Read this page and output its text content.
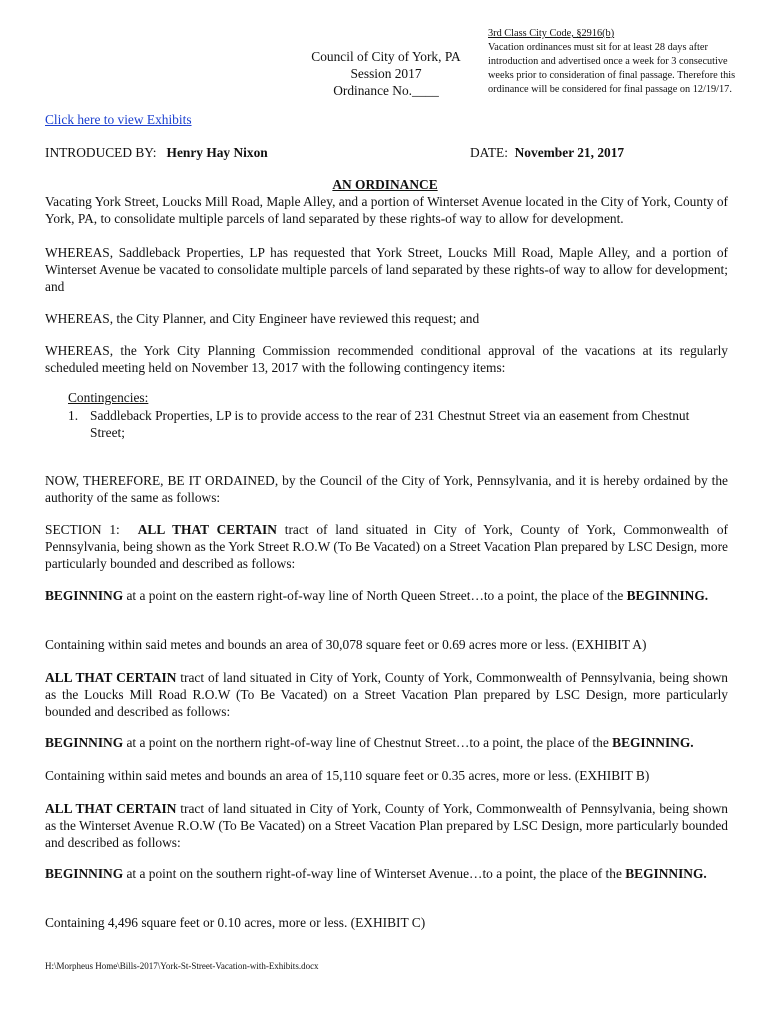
3rd Class City Code, §2916(b)
Vacation ordinances must sit for at least 28 days after introduction and advertised once a week for 3 consecutive weeks prior to consideration of final passage. Therefore this ordinance will be considered for final passage on 12/19/17.
Council of City of York, PA
Session 2017
Ordinance No.____
Click here to view Exhibits
INTRODUCED BY: Henry Hay Nixon	DATE: November 21, 2017
AN ORDINANCE
Vacating York Street, Loucks Mill Road, Maple Alley, and a portion of Winterset Avenue located in the City of York, County of York, PA, to consolidate multiple parcels of land separated by these rights-of way to allow for development.
WHEREAS, Saddleback Properties, LP has requested that York Street, Loucks Mill Road, Maple Alley, and a portion of Winterset Avenue be vacated to consolidate multiple parcels of land separated by these rights-of way to allow for development; and
WHEREAS, the City Planner, and City Engineer have reviewed this request; and
WHEREAS, the York City Planning Commission recommended conditional approval of the vacations at its regularly scheduled meeting held on November 13, 2017 with the following contingency items:
Contingencies:
1. Saddleback Properties, LP is to provide access to the rear of 231 Chestnut Street via an easement from Chestnut Street;
NOW, THEREFORE, BE IT ORDAINED, by the Council of the City of York, Pennsylvania, and it is hereby ordained by the authority of the same as follows:
SECTION 1: ALL THAT CERTAIN tract of land situated in City of York, County of York, Commonwealth of Pennsylvania, being shown as the York Street R.O.W (To Be Vacated) on a Street Vacation Plan prepared by LSC Design, more particularly bounded and described as follows:
BEGINNING at a point on the eastern right-of-way line of North Queen Street…to a point, the place of the BEGINNING.
Containing within said metes and bounds an area of 30,078 square feet or 0.69 acres more or less. (EXHIBIT A)
ALL THAT CERTAIN tract of land situated in City of York, County of York, Commonwealth of Pennsylvania, being shown as the Loucks Mill Road R.O.W (To Be Vacated) on a Street Vacation Plan prepared by LSC Design, more particularly bounded and described as follows:
BEGINNING at a point on the northern right-of-way line of Chestnut Street…to a point, the place of the BEGINNING.
Containing within said metes and bounds an area of 15,110 square feet or 0.35 acres, more or less. (EXHIBIT B)
ALL THAT CERTAIN tract of land situated in City of York, County of York, Commonwealth of Pennsylvania, being shown as the Winterset Avenue R.O.W (To Be Vacated) on a Street Vacation Plan prepared by LSC Design, more particularly bounded and described as follows:
BEGINNING at a point on the southern right-of-way line of Winterset Avenue…to a point, the place of the BEGINNING.
Containing 4,496 square feet or 0.10 acres, more or less. (EXHIBIT C)
H:\Morpheus Home\Bills-2017\York-St-Street-Vacation-with-Exhibits.docx
